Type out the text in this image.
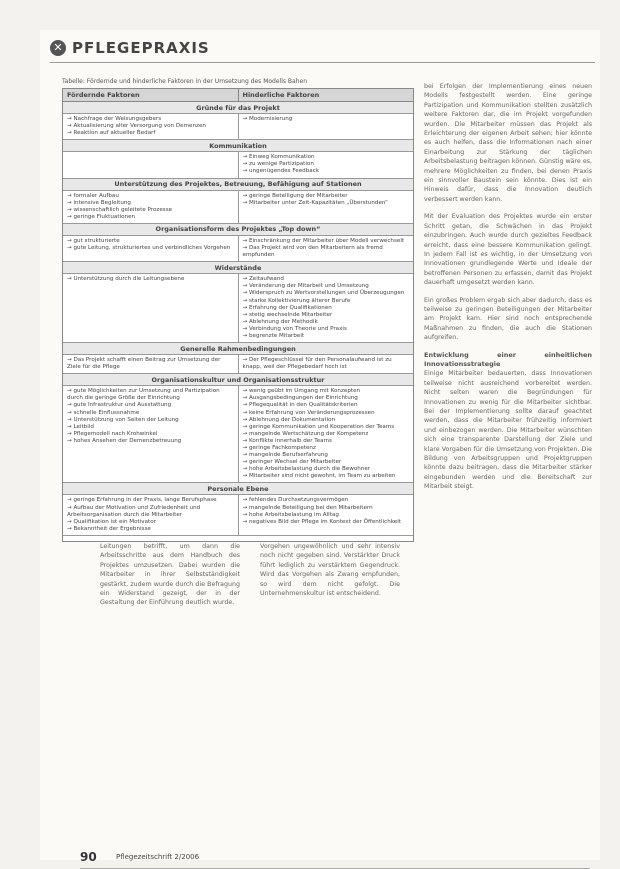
✕ PFLEGEPRAXIS
Tabelle: Fördernde und hinderliche Faktoren in der Umsetzung des Modells Bahen
Fördernde Faktoren	Hinderliche Faktoren
Gründe für das Projekt
→ Nachfrage der Weisungsgebers
→ Aktualisierung alter Versorgung von Demenzen
→ Reaktion auf aktueller Bedarf
→ Modernisierung
Kommunikation
→ Einweg Kommunikation
→ zu wenige Partizipation
→ ungenügendes Feedback
Unterstützung des Projektes, Betreuung, Befähigung auf Stationen
→ formaler Aufbau
→ intensive Begleitung
→ wissenschaftlich geleitete Prozesse
→ geringe Fluktuationen
→ geringe Beteiligung der Mitarbeiter
→ Mitarbeiter unter Zeit-Kapazitäten „Überstunden“
Organisationsform des Projektes „Top down“
→ gut strukturierte
→ gute Leitung, strukturiertes und verbindliches Vorgehen
→ Einschränkung der Mitarbeiter über Modell verwechselt
→ Das Projekt wird von den Mitarbeitern als fremd empfunden
Widerstände
→ Unterstützung durch die Leitungsebene
→	Zeitaufwand
→ Veränderung der Mitarbeit und Umsetzung
→ Widerspruch zu Wertvorstellungen und Überzeugungen
→ starke Kollektivierung älterer Berufe
→ Erfahrung der Qualifikationen
→ stetig wechselnde Mitarbeiter
→ Ablehnung der Methodik
→ Verbindung von Theorie und Praxis
→ begrenzte Mitarbeit
Generelle Rahmenbedingungen
→ Das Projekt schafft einen Beitrag zur Umsetzung der Ziele für die Pflege
→ Der Pflegeschlüssel für den Personalaufwand ist zu knapp, weil der Pflegebedarf hoch ist
Organisationskultur und Organisationsstruktur
→ gute Möglichkeiten zur Umsetzung und Partizipation durch die geringe Größe der Einrichtung
→ gute Infrastruktur und Ausstattung
→ schnelle Einflussnahme
→ Unterstützung von Seiten der Leitung
→ Leitbild
→ Pflegemodell nach Krohwinkel
→ hohes Ansehen der Demenzbetreuung
→ wenig geübt im Umgang mit Konzepten
→ Ausgangsbedingungen der Einrichtung
→ Pflegequalität in den Qualitätskriterien
→ keine Erfahrung von Veränderungsprozessen
→ Ablehnung der Dokumentation
→ geringe Kommunikation und Kooperation der Teams
→ mangelnde Wertschätzung der Kompetenz
→ Konflikte innerhalb der Teams
→ geringe Fachkompetenz
→ mangelnde Berufserfahrung
→ geringer Wechsel der Mitarbeiter
→ hohe Arbeitsbelastung durch die Bewohner
→ Mitarbeiter sind nicht gewohnt, im Team zu arbeiten
Personale Ebene
→ geringe Erfahrung in der Praxis, lange Berufsphase
→ Aufbau der Motivation und Zufriedenheit und Arbeitsorganisation durch die Mitarbeiter
→ Qualifikation ist ein Motivator
→ Bekanntheit der Ergebnisse
→ fehlendes Durchsetzungsvermögen
→ mangelnde Beteiligung bei den Mitarbeitern
→ hohe Arbeitsbelastung im Alltag
→ negatives Bild der Pflege im Kontext der Öffentlichkeit

bei Erfolgen der Implementierung eines neuen Modells festgestellt werden. Eine geringe Partizipation und Kommunikation stellten zusätzlich weitere Faktoren dar, die im Projekt vorgefunden wurden. Die Mitarbeiter müssen das Projekt als Erleichterung der eigenen Arbeit sehen; hier könnte es auch helfen, dass die Informationen nach einer Einarbeitung zur Stärkung der täglichen Arbeitsbelastung beitragen können. Günstig wäre es, mehrere Möglichkeiten zu finden, bei denen Praxis ein sinnvoller Baustein sein könnte. Dies ist ein Hinweis dafür, dass die Innovation deutlich verbessert werden kann.

Mit der Evaluation des Projektes wurde ein erster Schritt getan, die Schwächen in das Projekt einzubringen. Auch wurde durch gezieltes Feedback erreicht, dass eine bessere Kommunikation gelingt. In jedem Fall ist es wichtig, in der Umsetzung von Innovationen grundlegende Werte und Ideale der betroffenen Personen zu erfassen, damit das Projekt dauerhaft umgesetzt werden kann.

Ein großes Problem ergab sich aber dadurch, dass es teilweise zu geringen Beteiligungen der Mitarbeiter am Projekt kam. Hier sind noch entsprechende Maßnahmen zu finden, die auch die Stationen aufgreifen.

Entwicklung einer einheitlichen Innovationsstrategie

Einige Mitarbeiter bedauerten, dass Innovationen teilweise nicht ausreichend vorbereitet werden. Nicht selten waren die Begründungen für Innovationen zu wenig für die Mitarbeiter sichtbar. Bei der Implementierung sollte darauf geachtet werden, dass die Mitarbeiter frühzeitig informiert und einbezogen werden. Die Mitarbeiter wünschten sich eine transparente Darstellung der Ziele und klare Vorgaben für die Umsetzung von Projekten. Die Bildung von Arbeitsgruppen und Projektgruppen könnte dazu beitragen, dass die Mitarbeiter stärker eingebunden werden und die Bereitschaft zur Mitarbeit steigt.

Leitungen betrifft, um dann die Arbeitsschritte aus dem Handbuch des Projektes umzusetzen. Dabei wurden die Mitarbeiter in ihrer Selbstständigkeit gestärkt, zudem wurde durch die Befragung ein Widerstand gezeigt, der in der Gestaltung der Einführung deutlich wurde.

Vorgehen ungewöhnlich und sehr intensiv noch nicht gegeben sind. Verstärkter Druck führt lediglich zu verstärktem Gegendruck. Wird das Vorgehen als Zwang empfunden, so wird dem nicht gefolgt. Die Unternehmenskultur ist entscheidend.

90	Pflegezeitschrift 2/2006
